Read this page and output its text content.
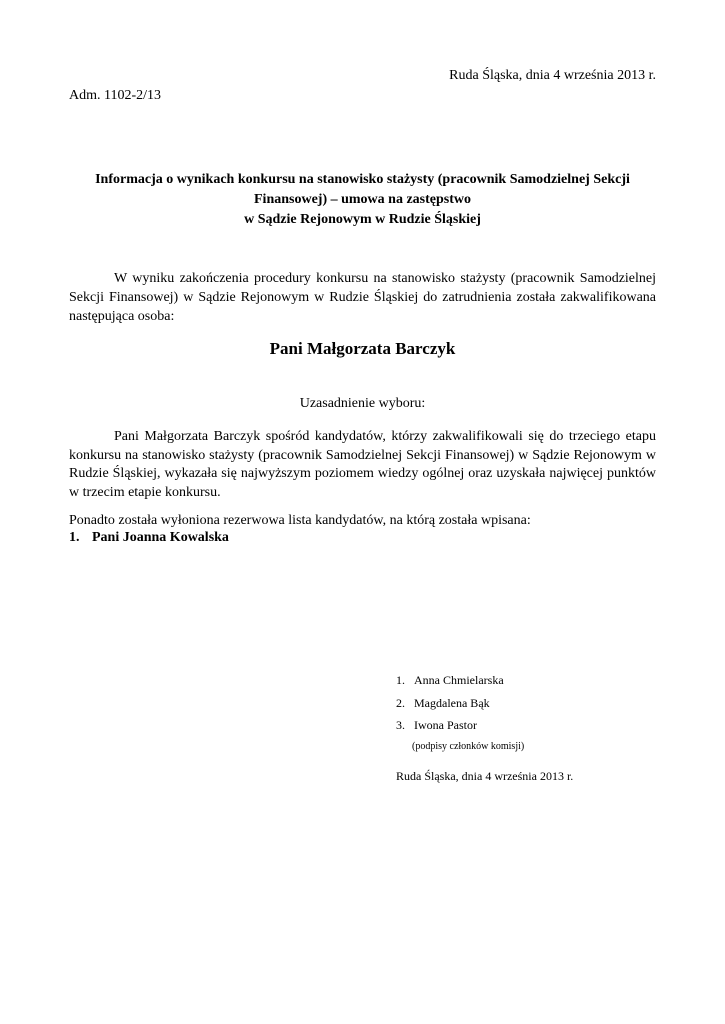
Ruda Śląska, dnia 4 września 2013 r.
Adm. 1102-2/13
Informacja o wynikach konkursu na stanowisko stażysty (pracownik Samodzielnej Sekcji
Finansowej) – umowa na zastępstwo
w Sądzie Rejonowym w Rudzie Śląskiej

W wyniku zakończenia procedury konkursu na stanowisko stażysty (pracownik Samodzielnej Sekcji Finansowej) w Sądzie Rejonowym w Rudzie Śląskiej do zatrudnienia została zakwalifikowana następująca osoba:

Pani Małgorzata Barczyk
Uzasadnienie wyboru:

Pani Małgorzata Barczyk spośród kandydatów, którzy zakwalifikowali się do trzeciego etapu konkursu na stanowisko stażysty (pracownik Samodzielnej Sekcji Finansowej) w Sądzie Rejonowym w Rudzie Śląskiej, wykazała się najwyższym poziomem wiedzy ogólnej oraz uzyskała najwięcej punktów w trzecim etapie konkursu.

Ponadto została wyłoniona rezerwowa lista kandydatów, na którą została wpisana:
1. Pani Joanna Kowalska
1. Anna Chmielarska
2. Magdalena Bąk
3. Iwona Pastor
(podpisy członków komisji)
Ruda Śląska, dnia 4 września 2013 r.
